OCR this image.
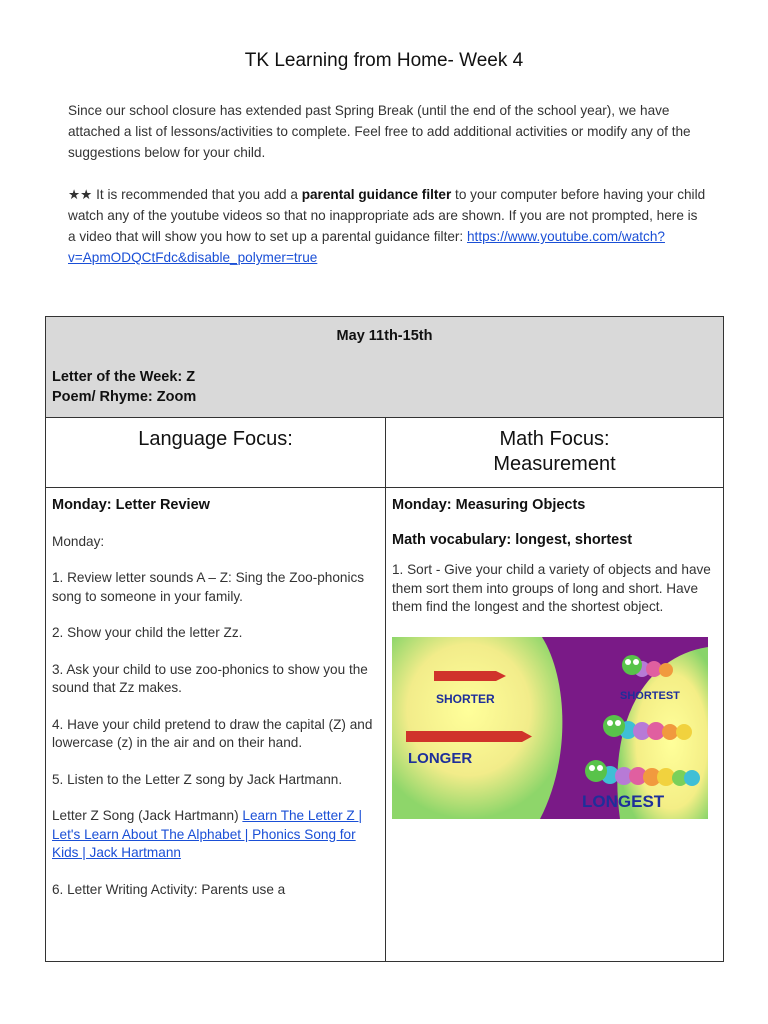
TK Learning from Home- Week 4

Since our school closure has extended past Spring Break (until the end of the school year), we have attached a list of lessons/activities to complete. Feel free to add additional activities or modify any of the suggestions below for your child.

★★ It is recommended that you add a parental guidance filter to your computer before having your child watch any of the youtube videos so that no inappropriate ads are shown. If you are not prompted, here is a video that will show you how to set up a parental guidance filter: https://www.youtube.com/watch?v=ApmODQCtFdc&disable_polymer=true

May 11th-15th
Letter of the Week: Z
Poem/ Rhyme: Zoom
Language Focus:

Monday: Letter Review

Monday:

1. Review letter sounds A – Z: Sing the Zoo-phonics song to someone in your family.

2. Show your child the letter Zz.

3. Ask your child to use zoo-phonics to show you the sound that Zz makes.

4. Have your child pretend to draw the capital (Z) and lowercase (z) in the air and on their hand.

5. Listen to the Letter Z song by Jack Hartmann.

Letter Z Song (Jack Hartmann) Learn The Letter Z | Let's Learn About The Alphabet | Phonics Song for Kids | Jack Hartmann

6. Letter Writing Activity: Parents use a

Math Focus:
Measurement

Monday: Measuring Objects

Math vocabulary: longest, shortest

1. Sort - Give your child a variety of objects and have them sort them into groups of long and short. Have them find the longest and the shortest object.

SHORTER
LONGER
SHORTEST
LONGEST
